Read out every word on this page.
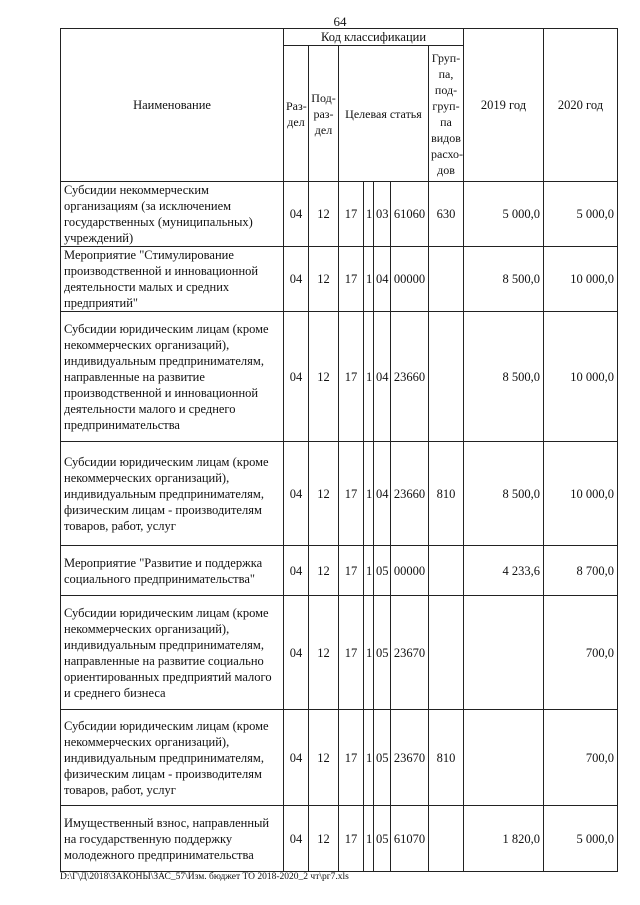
64
Наименование	Код классификации							2019 год	2020 год
	Раз-дел	Под-раз-дел	Целевая статья				Груп-па, под-груп-па видов расхо-дов		
Субсидии некоммерческим организациям (за исключением государственных (муниципальных) учреждений)	04	12	17	1	03	61060	630	5 000,0	5 000,0
Мероприятие "Стимулирование производственной и инновационной деятельности малых и средних предприятий"	04	12	17	1	04	00000		8 500,0	10 000,0
Субсидии юридическим лицам (кроме некоммерческих организаций), индивидуальным предпринимателям, направленные на развитие производственной и инновационной деятельности малого и среднего предпринимательства	04	12	17	1	04	23660		8 500,0	10 000,0
Субсидии юридическим лицам (кроме некоммерческих организаций), индивидуальным предпринимателям, физическим лицам - производителям товаров, работ, услуг	04	12	17	1	04	23660	810	8 500,0	10 000,0
Мероприятие "Развитие и поддержка социального предпринимательства"	04	12	17	1	05	00000		4 233,6	8 700,0
Субсидии юридическим лицам (кроме некоммерческих организаций), индивидуальным предпринимателям, направленные на развитие социально ориентированных предприятий малого и среднего бизнеса	04	12	17	1	05	23670			700,0
Субсидии юридическим лицам (кроме некоммерческих организаций), индивидуальным предпринимателям, физическим лицам - производителям товаров, работ, услуг	04	12	17	1	05	23670	810		700,0
Имущественный взнос, направленный на государственную поддержку молодежного предпринимательства	04	12	17	1	05	61070		1 820,0	5 000,0
D:\Г\Д\2018\ЗАКОНЫ\ЗАС_57\Изм. бюджет ТО 2018-2020_2 чт\рг7.xls
